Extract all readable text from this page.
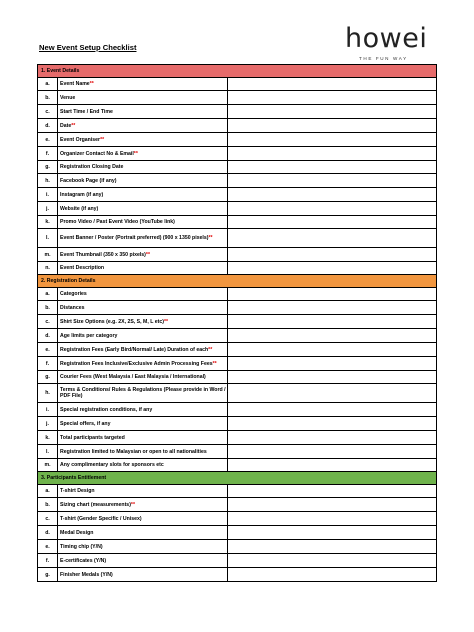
New Event Setup Checklist	howei
THE FUN WAY
1. Event Details		
a.	Event Name**	
b.	Venue	
c.	Start Time / End Time	
d.	Date**	
e.	Event Organiser**	
f.	Organizer Contact No & Email**	
g.	Registration Closing Date	
h.	Facebook Page (if any)	
i.	Instagram (if any)	
j.	Website (if any)	
k.	Promo Video / Past Event Video (YouTube link)	
l.	Event Banner / Poster (Portrait preferred) (900 x 1350 pixels)**	
m.	Event Thumbnail (350 x 350 pixels)**	
n.	Event Description	
2. Registration Details		
a.	Categories	
b.	Distances	
c.	Shirt Size Options (e.g. 2X, 2S, S, M, L etc)**	
d.	Age limits per category	
e.	Registration Fees (Early Bird/Normal/ Late) Duration of each**	
f.	Registration Fees Inclusive/Exclusive Admin Processing Fees**	
g.	Courier Fees (West Malaysia / East Malaysia / International)	
h.	Terms & Conditions/ Rules & Regulations (Please provide in Word / PDF File)	
i.	Special registration conditions, if any	
j.	Special offers, if any	
k.	Total participants targeted	
l.	Registration limited to Malaysian or open to all nationalities	
m.	Any complimentary slots for sponsors etc	
3. Participants Entitlement		
a.	T-shirt Design	
b.	Sizing chart (measurements)**	
c.	T-shirt (Gender Specific / Unisex)	
d.	Medal Design	
e.	Timing chip (Y/N)	
f.	E-certificates (Y/N)	
g.	Finisher Medals (Y/N)	
